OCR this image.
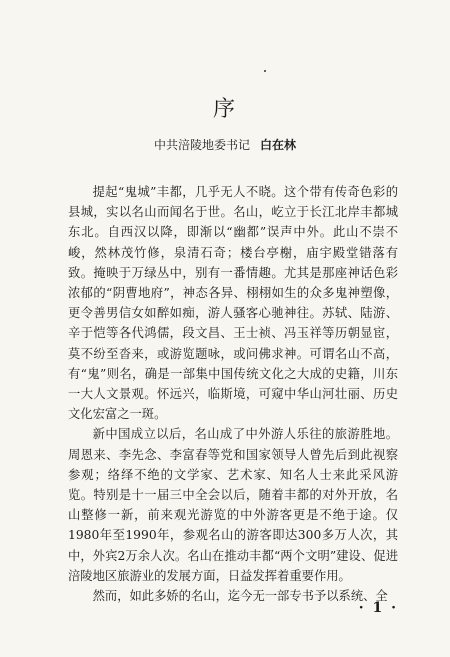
序
中共涪陵地委书记 白在林

提起“鬼城”丰都，几乎无人不晓。这个带有传奇色彩的县城，实以名山而闻名于世。名山，屹立于长江北岸丰都城东北。自西汉以降，即渐以“幽都”误声中外。此山不崇不峻，然林茂竹修，泉清石奇；楼台亭榭，庙宇殿堂错落有致。掩映于万绿丛中，别有一番情趣。尤其是那座神话色彩浓郁的“阴曹地府”，神态各异、栩栩如生的众多鬼神塑像，更令善男信女如醉如痴，游人骚客心驰神往。苏轼、陆游、辛于恺等各代鸿儒，段文昌、王士祯、冯玉祥等历朝显宦，莫不纷至沓来，或游览题咏，或问佛求神。可谓名山不高，有“鬼”则名，确是一部集中国传统文化之大成的史籍，川东一大人文景观。怀远兴，临斯境，可窥中华山河壮丽、历史文化宏富之一斑。

新中国成立以后，名山成了中外游人乐往的旅游胜地。周恩来、李先念、李富春等党和国家领导人曾先后到此视察参观；络绎不绝的文学家、艺术家、知名人士来此采风游览。特别是十一届三中全会以后，随着丰都的对外开放，名山整修一新，前来观光游览的中外游客更是不绝于途。仅1980年至1990年，参观名山的游客即达300多万人次，其中，外宾2万余人次。名山在推动丰都“两个文明”建设、促进涪陵地区旅游业的发展方面，日益发挥着重要作用。

然而，如此多娇的名山，迄今无一部专书予以系统、全

· 1 ·
